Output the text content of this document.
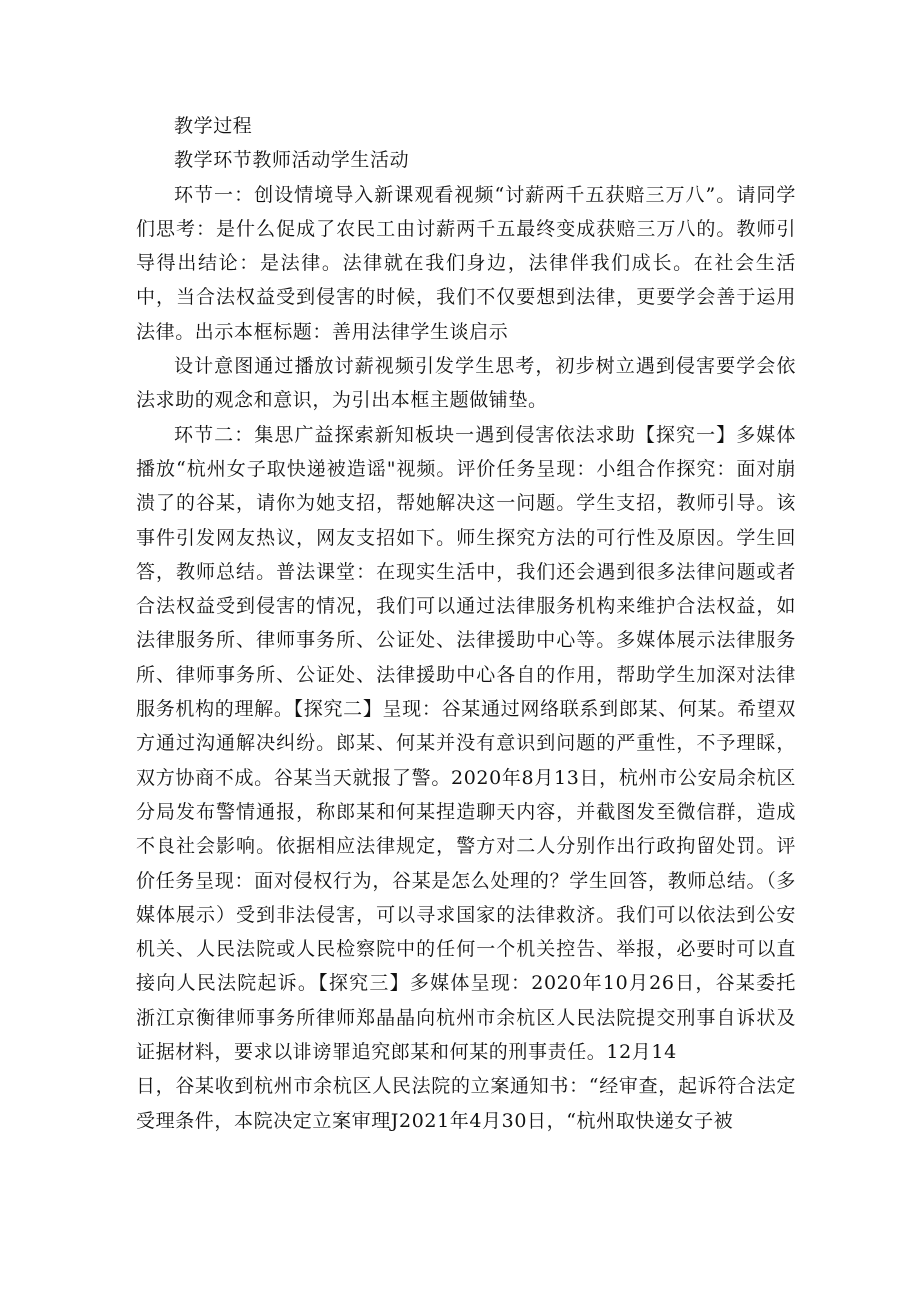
教学过程

教学环节教师活动学生活动

环节一：创设情境导入新课观看视频“讨薪两千五获赔三万八”。请同学们思考：是什么促成了农民工由讨薪两千五最终变成获赔三万八的。教师引导得出结论：是法律。法律就在我们身边，法律伴我们成长。在社会生活中，当合法权益受到侵害的时候，我们不仅要想到法律，更要学会善于运用法律。出示本框标题：善用法律学生谈启示

设计意图通过播放讨薪视频引发学生思考，初步树立遇到侵害要学会依法求助的观念和意识，为引出本框主题做铺垫。

环节二：集思广益探索新知板块一遇到侵害依法求助【探究一】多媒体播放“杭州女子取快递被造谣"视频。评价任务呈现：小组合作探究：面对崩溃了的谷某，请你为她支招，帮她解决这一问题。学生支招，教师引导。该事件引发网友热议，网友支招如下。师生探究方法的可行性及原因。学生回答，教师总结。普法课堂：在现实生活中，我们还会遇到很多法律问题或者合法权益受到侵害的情况，我们可以通过法律服务机构来维护合法权益，如法律服务所、律师事务所、公证处、法律援助中心等。多媒体展示法律服务所、律师事务所、公证处、法律援助中心各自的作用，帮助学生加深对法律服务机构的理解。【探究二】呈现：谷某通过网络联系到郎某、何某。希望双方通过沟通解决纠纷。郎某、何某并没有意识到问题的严重性，不予理睬，双方协商不成。谷某当天就报了警。2020年8月13日，杭州市公安局余杭区分局发布警情通报，称郎某和何某捏造聊天内容，并截图发至微信群，造成不良社会影响。依据相应法律规定，警方对二人分别作出行政拘留处罚。评价任务呈现：面对侵权行为，谷某是怎么处理的？学生回答，教师总结。（多媒体展示）受到非法侵害，可以寻求国家的法律救济。我们可以依法到公安机关、人民法院或人民检察院中的任何一个机关控告、举报，必要时可以直接向人民法院起诉。【探究三】多媒体呈现：2020年10月26日，谷某委托浙江京衡律师事务所律师郑晶晶向杭州市余杭区人民法院提交刑事自诉状及证据材料，要求以诽谤罪追究郎某和何某的刑事责任。12月14

日，谷某收到杭州市余杭区人民法院的立案通知书：“经审查，起诉符合法定受理条件，本院决定立案审理J2021年4月30日，“杭州取快递女子被
